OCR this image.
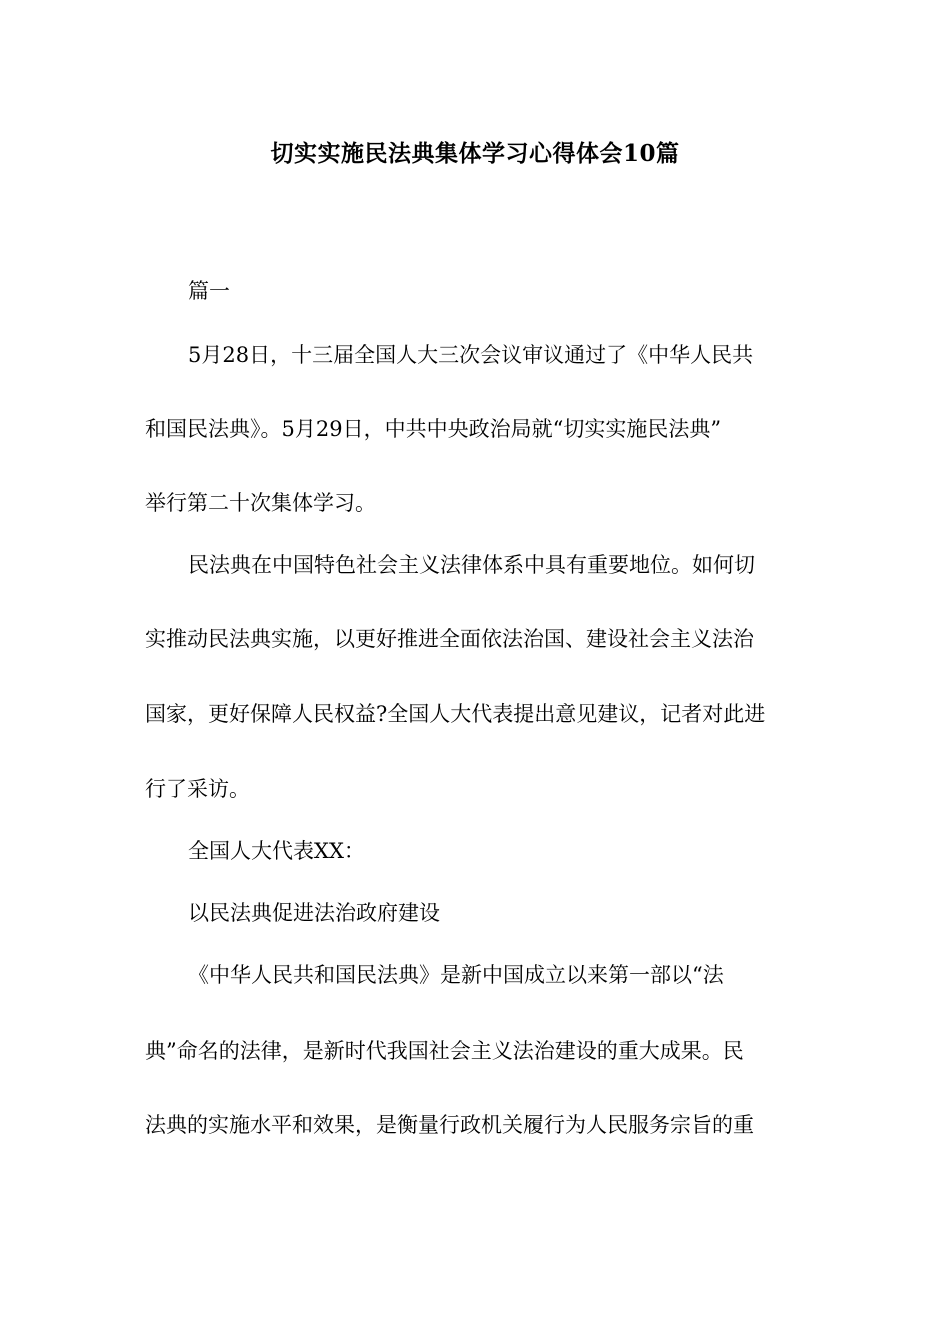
切实实施民法典集体学习心得体会10篇

篇一

5月28日，十三届全国人大三次会议审议通过了《中华人民共

和国民法典》。5月29日，中共中央政治局就“切实实施民法典”

举行第二十次集体学习。

民法典在中国特色社会主义法律体系中具有重要地位。如何切

实推动民法典实施，以更好推进全面依法治国、建设社会主义法治

国家，更好保障人民权益?全国人大代表提出意见建议，记者对此进

行了采访。

全国人大代表XX：

以民法典促进法治政府建设

《中华人民共和国民法典》是新中国成立以来第一部以“法

典”命名的法律，是新时代我国社会主义法治建设的重大成果。民

法典的实施水平和效果，是衡量行政机关履行为人民服务宗旨的重
